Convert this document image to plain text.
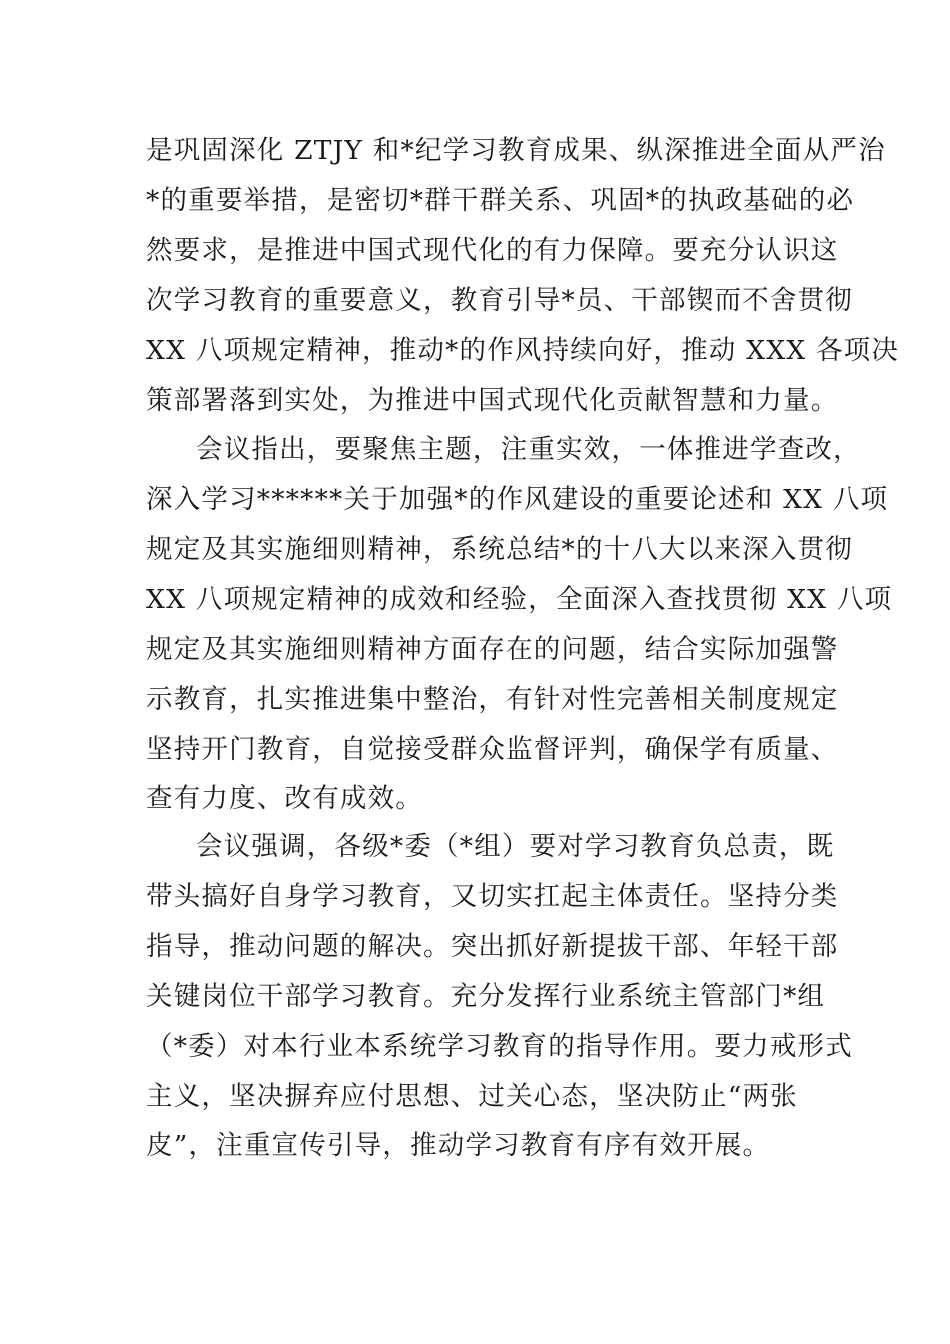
是巩固深化 ZTJY 和*纪学习教育成果、纵深推进全面从严治
*的重要举措，是密切*群干群关系、巩固*的执政基础的必
然要求，是推进中国式现代化的有力保障。要充分认识这
次学习教育的重要意义，教育引导*员、干部锲而不舍贯彻
XX 八项规定精神，推动*的作风持续向好，推动 XXX 各项决
策部署落到实处，为推进中国式现代化贡献智慧和力量。
会议指出，要聚焦主题，注重实效，一体推进学查改，
深入学习******关于加强*的作风建设的重要论述和 XX 八项
规定及其实施细则精神，系统总结*的十八大以来深入贯彻
XX 八项规定精神的成效和经验，全面深入查找贯彻 XX 八项
规定及其实施细则精神方面存在的问题，结合实际加强警
示教育，扎实推进集中整治，有针对性完善相关制度规定
坚持开门教育，自觉接受群众监督评判，确保学有质量、
查有力度、改有成效。
会议强调，各级*委（*组）要对学习教育负总责，既
带头搞好自身学习教育，又切实扛起主体责任。坚持分类
指导，推动问题的解决。突出抓好新提拔干部、年轻干部
关键岗位干部学习教育。充分发挥行业系统主管部门*组
（*委）对本行业本系统学习教育的指导作用。要力戒形式
主义，坚决摒弃应付思想、过关心态，坚决防止“两张
皮”，注重宣传引导，推动学习教育有序有效开展。
